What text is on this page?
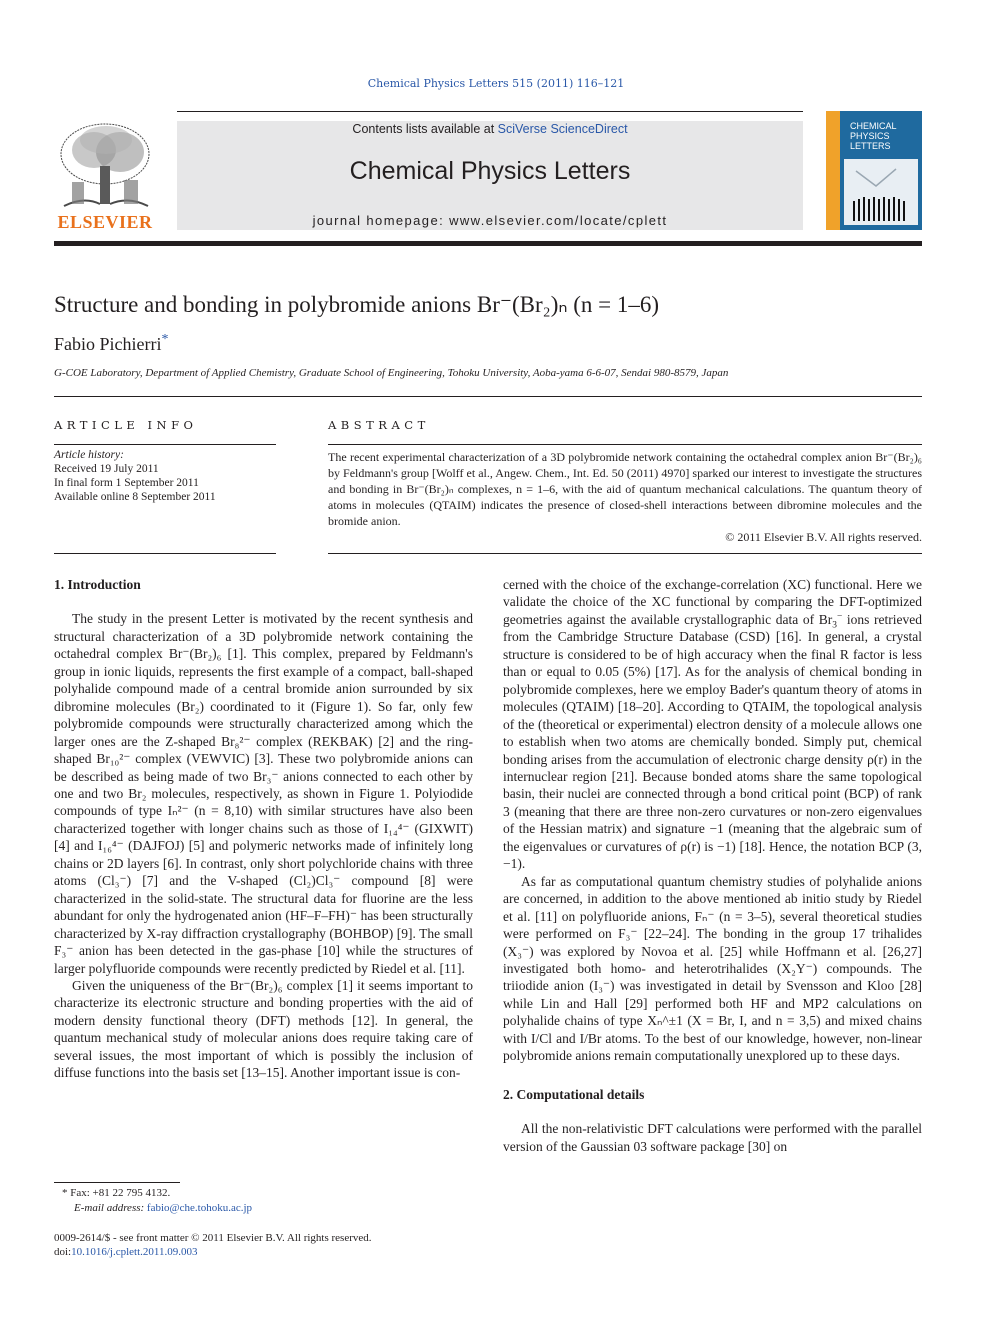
Chemical Physics Letters 515 (2011) 116–121
ELSEVIER
Contents lists available at SciVerse ScienceDirect
Chemical Physics Letters
journal homepage: www.elsevier.com/locate/cplett
CHEMICAL
PHYSICS
LETTERS
Structure and bonding in polybromide anions Br⁻(Br₂)ₙ (n = 1–6)
Fabio Pichierri*
G-COE Laboratory, Department of Applied Chemistry, Graduate School of Engineering, Tohoku University, Aoba-yama 6-6-07, Sendai 980-8579, Japan
ARTICLE INFO
Article history:
Received 19 July 2011
In final form 1 September 2011
Available online 8 September 2011
ABSTRACT
The recent experimental characterization of a 3D polybromide network containing the octahedral complex anion Br⁻(Br₂)₆ by Feldmann's group [Wolff et al., Angew. Chem., Int. Ed. 50 (2011) 4970] sparked our interest to investigate the structures and bonding in Br⁻(Br₂)ₙ complexes, n = 1–6, with the aid of quantum mechanical calculations. The quantum theory of atoms in molecules (QTAIM) indicates the presence of closed-shell interactions between dibromine molecules and the bromide anion.
© 2011 Elsevier B.V. All rights reserved.

1. Introduction

The study in the present Letter is motivated by the recent synthesis and structural characterization of a 3D polybromide network containing the octahedral complex Br⁻(Br₂)₆ [1]. This complex, prepared by Feldmann's group in ionic liquids, represents the first example of a compact, ball-shaped polyhalide compound made of a central bromide anion surrounded by six dibromine molecules (Br₂) coordinated to it (Figure 1). So far, only few polybromide compounds were structurally characterized among which the larger ones are the Z-shaped Br₈²⁻ complex (REKBAK) [2] and the ring-shaped Br₁₀²⁻ complex (VEWVIC) [3]. These two polybromide anions can be described as being made of two Br₃⁻ anions connected to each other by one and two Br₂ molecules, respectively, as shown in Figure 1. Polyiodide compounds of type Iₙ²⁻ (n = 8,10) with similar structures have also been characterized together with longer chains such as those of I₁₄⁴⁻ (GIXWIT) [4] and I₁₆⁴⁻ (DAJFOJ) [5] and polymeric networks made of infinitely long chains or 2D layers [6]. In contrast, only short polychloride chains with three atoms (Cl₃⁻) [7] and the V-shaped (Cl₂)Cl₃⁻ compound [8] were characterized in the solid-state. The structural data for fluorine are the less abundant for only the hydrogenated anion (HF–F–FH)⁻ has been structurally characterized by X-ray diffraction crystallography (BOHBOP) [9]. The small F₃⁻ anion has been detected in the gas-phase [10] while the structures of larger polyfluoride compounds were recently predicted by Riedel et al. [11].

Given the uniqueness of the Br⁻(Br₂)₆ complex [1] it seems important to characterize its electronic structure and bonding properties with the aid of modern density functional theory (DFT) methods [12]. In general, the quantum mechanical study of molecular anions does require taking care of several issues, the most important of which is possibly the inclusion of diffuse functions into the basis set [13–15]. Another important issue is con-

cerned with the choice of the exchange-correlation (XC) functional. Here we validate the choice of the XC functional by comparing the DFT-optimized geometries against the available crystallographic data of $Br_3^-$ ions retrieved from the Cambridge Structure Database (CSD) [16]. In general, a crystal structure is considered to be of high accuracy when the final R factor is less than or equal to 0.05 (5%) [17]. As for the analysis of chemical bonding in polybromide complexes, here we employ Bader's quantum theory of atoms in molecules (QTAIM) [18–20]. According to QTAIM, the topological analysis of the (theoretical or experimental) electron density of a molecule allows one to establish when two atoms are chemically bonded. Simply put, chemical bonding arises from the accumulation of electronic charge density ρ(r) in the internuclear region [21]. Because bonded atoms share the same topological basin, their nuclei are connected through a bond critical point (BCP) of rank 3 (meaning that there are three non-zero curvatures or non-zero eigenvalues of the Hessian matrix) and signature −1 (meaning that the algebraic sum of the eigenvalues or curvatures of ρ(r) is −1) [18]. Hence, the notation BCP (3, −1).

As far as computational quantum chemistry studies of polyhalide anions are concerned, in addition to the above mentioned ab initio study by Riedel et al. [11] on polyfluoride anions, Fₙ⁻ (n = 3–5), several theoretical studies were performed on F₃⁻ [22–24]. The bonding in the group 17 trihalides (X₃⁻) was explored by Novoa et al. [25] while Hoffmann et al. [26,27] investigated both homo- and heterotrihalides (X₂Y⁻) compounds. The triiodide anion (I₃⁻) was investigated in detail by Svensson and Kloo [28] while Lin and Hall [29] performed both HF and MP2 calculations on polyhalide chains of type Xₙ^±1 (X = Br, I, and n = 3,5) and mixed chains with I/Cl and I/Br atoms. To the best of our knowledge, however, non-linear polybromide anions remain computationally unexplored up to these days.

2. Computational details

All the non-relativistic DFT calculations were performed with the parallel version of the Gaussian 03 software package [30] on

* Fax: +81 22 795 4132.
E-mail address: fabio@che.tohoku.ac.jp
0009-2614/$ - see front matter © 2011 Elsevier B.V. All rights reserved.
doi:10.1016/j.cplett.2011.09.003
